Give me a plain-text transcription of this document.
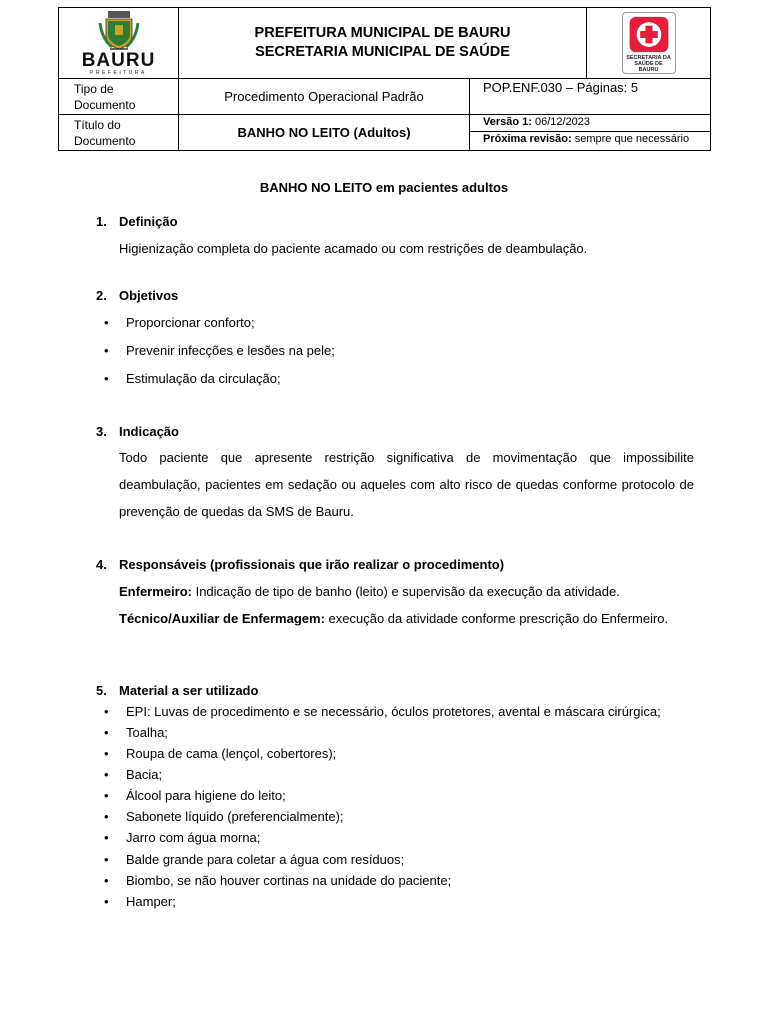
BAURU
PREFEITURA
PREFEITURA MUNICIPAL DE BAURU
SECRETARIA MUNICIPAL DE SAÚDE	SECRETARIA DA SAÚDE DE BAURU
Tipo de Documento
Procedimento Operacional Padrão
POP.ENF.030 – Páginas: 5
Título do Documento
BANHO NO LEITO (Adultos)
Versão 1: 06/12/2023
Próxima revisão: sempre que necessário
BANHO NO LEITO em pacientes adultos
1. Definição
Higienização completa do paciente acamado ou com restrições de deambulação.
2. Objetivos
• Proporcionar conforto;
• Prevenir infecções e lesões na pele;
• Estimulação da circulação;
3. Indicação
Todo paciente que apresente restrição significativa de movimentação que impossibilite deambulação, pacientes em sedação ou aqueles com alto risco de quedas conforme protocolo de prevenção de quedas da SMS de Bauru.
4. Responsáveis (profissionais que irão realizar o procedimento)
Enfermeiro: Indicação de tipo de banho (leito) e supervisão da execução da atividade.
Técnico/Auxiliar de Enfermagem: execução da atividade conforme prescrição do Enfermeiro.
5. Material a ser utilizado
• EPI: Luvas de procedimento e se necessário, óculos protetores, avental e máscara cirúrgica;
• Toalha;
• Roupa de cama (lençol, cobertores);
• Bacia;
• Álcool para higiene do leito;
• Sabonete líquido (preferencialmente);
• Jarro com água morna;
• Balde grande para coletar a água com resíduos;
• Biombo, se não houver cortinas na unidade do paciente;
• Hamper;
